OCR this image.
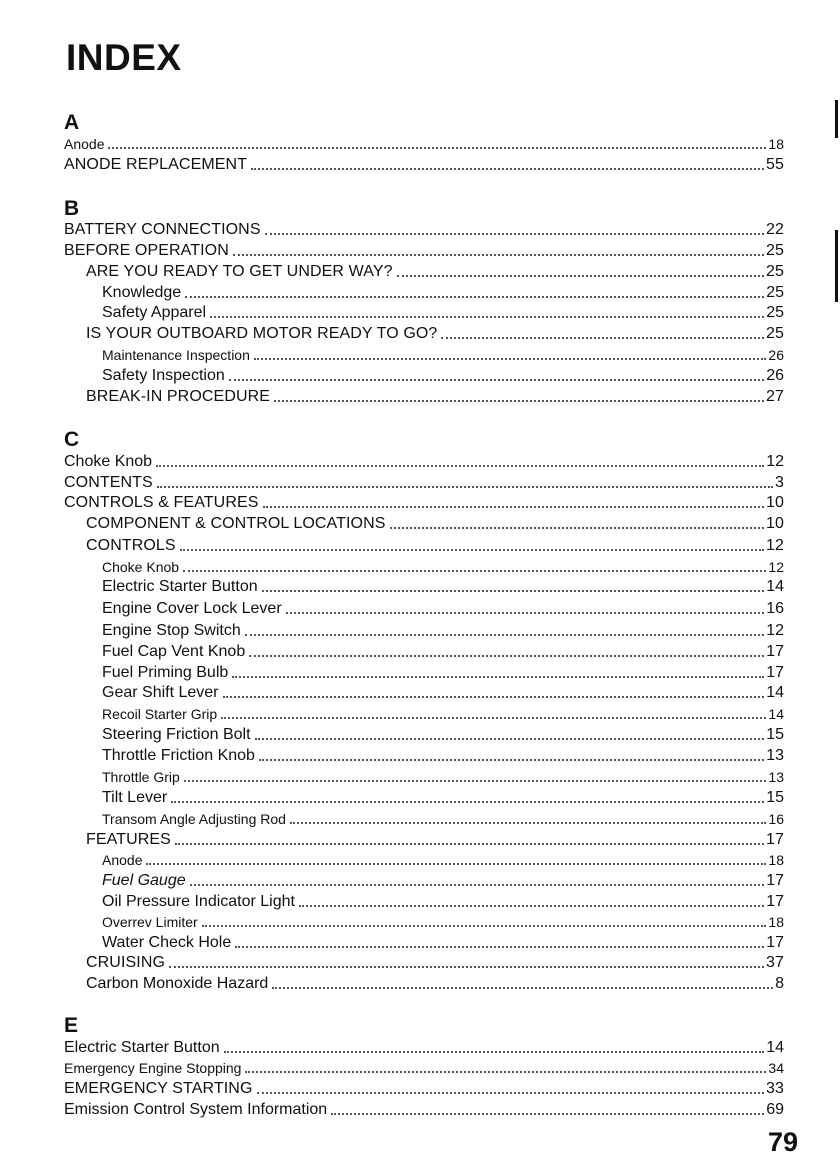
INDEX
A
Anode	18
ANODE REPLACEMENT	55
B
BATTERY CONNECTIONS	22
BEFORE OPERATION	25
ARE YOU READY TO GET UNDER WAY?	25
Knowledge	25
Safety Apparel	25
IS YOUR OUTBOARD MOTOR READY TO GO?	25
Maintenance Inspection	26
Safety Inspection	26
BREAK-IN PROCEDURE	27
C
Choke Knob	12
CONTENTS	3
CONTROLS & FEATURES	10
COMPONENT & CONTROL LOCATIONS	10
CONTROLS	12
Choke Knob	12
Electric Starter Button	14
Engine Cover Lock Lever	16
Engine Stop Switch	12
Fuel Cap Vent Knob	17
Fuel Priming Bulb	17
Gear Shift Lever	14
Recoil Starter Grip	14
Steering Friction Bolt	15
Throttle Friction Knob	13
Throttle Grip	13
Tilt Lever	15
Transom Angle Adjusting Rod	16
FEATURES	17
Anode	18
Fuel Gauge	17
Oil Pressure Indicator Light	17
Overrev Limiter	18
Water Check Hole	17
CRUISING	37
Carbon Monoxide Hazard	8
E
Electric Starter Button	14
Emergency Engine Stopping	34
EMERGENCY STARTING	33
Emission Control System Information	69
79
